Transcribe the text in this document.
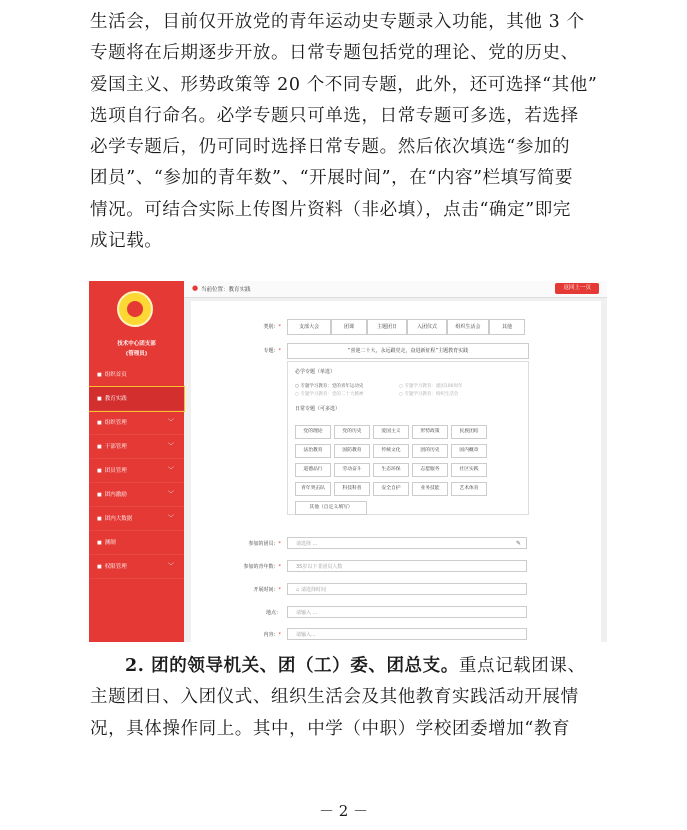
生活会，目前仅开放党的青年运动史专题录入功能，其他 3 个
专题将在后期逐步开放。日常专题包括党的理论、党的历史、
爱国主义、形势政策等 20 个不同专题，此外，还可选择“其他”
选项自行命名。必学专题只可单选，日常专题可多选，若选择
必学专题后，仍可同时选择日常专题。然后依次填选“参加的
团员”、“参加的青年数”、“开展时间”，在“内容”栏填写简要
情况。可结合实际上传图片资料（非必填），点击“确定”即完
成记载。
技术中心团支部
(管理员)
■ 组织首页
■ 教育实践
■ 组织管理	﹀
■ 干部管理	﹀
■ 团员管理	﹀
■ 团内激励	﹀
■ 团内大数据	﹀
■ 测制
■ 权限管理	﹀
● 当前位置：教育实践	返回上一页
类别：*	支部大会	团课	主题团日	入团仪式	组织生活会	其他
专题：*	“喜迎二十大，永远跟党走，奋进新征程”主题教育实践
必学专题（单选）
○ 专题学习教育：党的青年运动史	○ 专题学习教育：建团100周年
○ 专题学习教育：党的二十大精神	○ 专题学习教育：组织生活会
日常专题（可多选）
党的理论	党的历史	爱国主义	形势政策	民族团结
法治教育	国防教育	传统文化	团的历史	国内概章
道德品行	劳动奋斗	生态环保	志愿服务	社区实践
青年突击队	科技科普	安全自护	业务技能	艺术体育
其他（自定义填写）
参加的团员：*	请选择 ...	✎
参加的青年数：*	35岁以下非团员人数
开展时间：*	▫ 请选择时间
地点：	请输入 ...
内容：*	请输入...
2. 团的领导机关、团（工）委、团总支。重点记载团课、
主题团日、入团仪式、组织生活会及其他教育实践活动开展情
况，具体操作同上。其中，中学（中职）学校团委增加“教育
－ 2 －
